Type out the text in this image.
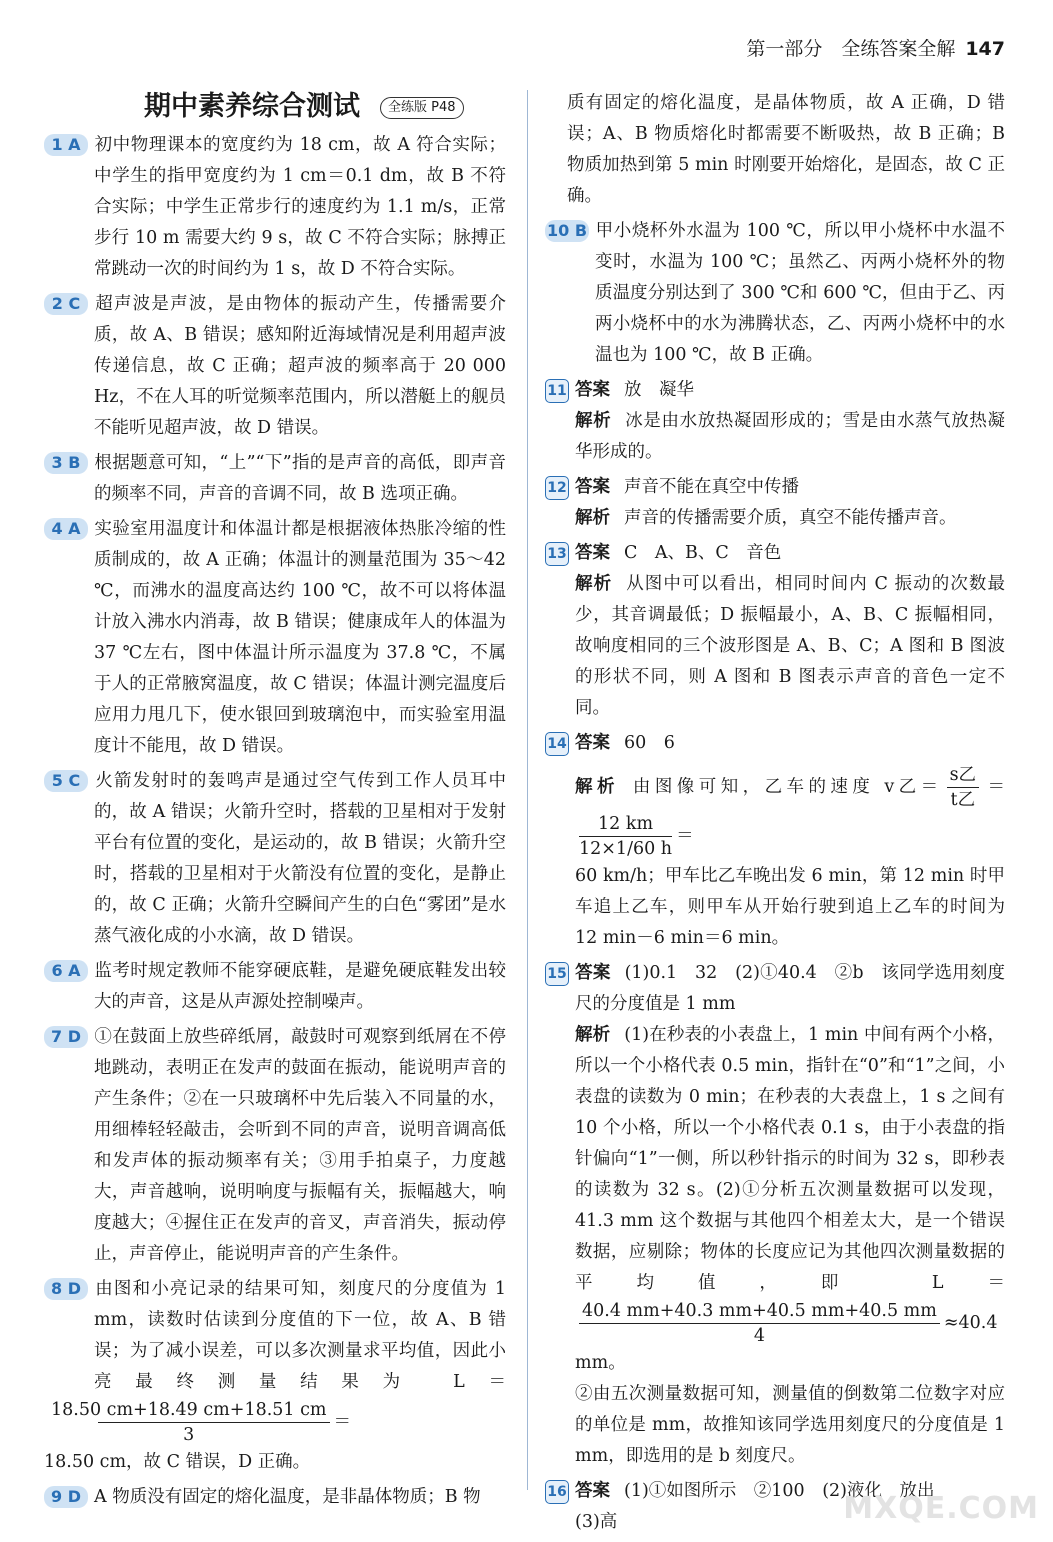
第一部分　全练答案全解 147
期中素养综合测试 全练版 P48
1 A 初中物理课本的宽度约为 18 cm，故 A 符合实际；中学生的指甲宽度约为 1 cm＝0.1 dm，故 B 不符合实际；中学生正常步行的速度约为 1.1 m/s，正常步行 10 m 需要大约 9 s，故 C 不符合实际；脉搏正常跳动一次的时间约为 1 s，故 D 不符合实际。
2 C 超声波是声波，是由物体的振动产生，传播需要介质，故 A、B 错误；感知附近海域情况是利用超声波传递信息，故 C 正确；超声波的频率高于 20 000 Hz，不在人耳的听觉频率范围内，所以潜艇上的舰员不能听见超声波，故 D 错误。
3 B 根据题意可知，“上”“下”指的是声音的高低，即声音的频率不同，声音的音调不同，故 B 选项正确。
4 A 实验室用温度计和体温计都是根据液体热胀冷缩的性质制成的，故 A 正确；体温计的测量范围为 35～42 ℃，而沸水的温度高达约 100 ℃，故不可以将体温计放入沸水内消毒，故 B 错误；健康成年人的体温为 37 ℃左右，图中体温计所示温度为 37.8 ℃，不属于人的正常腋窝温度，故 C 错误；体温计测完温度后应用力甩几下，使水银回到玻璃泡中，而实验室用温度计不能甩，故 D 错误。
5 C 火箭发射时的轰鸣声是通过空气传到工作人员耳中的，故 A 错误；火箭升空时，搭载的卫星相对于发射平台有位置的变化，是运动的，故 B 错误；火箭升空时，搭载的卫星相对于火箭没有位置的变化，是静止的，故 C 正确；火箭升空瞬间产生的白色“雾团”是水蒸气液化成的小水滴，故 D 错误。
6 A 监考时规定教师不能穿硬底鞋，是避免硬底鞋发出较大的声音，这是从声源处控制噪声。
7 D ①在鼓面上放些碎纸屑，敲鼓时可观察到纸屑在不停地跳动，表明正在发声的鼓面在振动，能说明声音的产生条件；②在一只玻璃杯中先后装入不同量的水，用细棒轻轻敲击，会听到不同的声音，说明音调高低和发声体的振动频率有关；③用手拍桌子，力度越大，声音越响，说明响度与振幅有关，振幅越大，响度越大；④握住正在发声的音叉，声音消失，振动停止，声音停止，能说明声音的产生条件。
8 D 由图和小亮记录的结果可知，刻度尺的分度值为 1 mm，读数时估读到分度值的下一位，故 A、B 错误；为了减小误差，可以多次测量求平均值，因此小亮最终测量结果为 L＝
$\frac{18.50 cm+18.49 cm+18.51 cm}{3}$ ＝
18.50 cm，故 C 错误，D 正确。
9 D A 物质没有固定的熔化温度，是非晶体物质；B 物
质有固定的熔化温度，是晶体物质，故 A 正确，D 错误；A、B 物质熔化时都需要不断吸热，故 B 正确；B 物质加热到第 5 min 时刚要开始熔化，是固态，故 C 正确。
10 B 甲小烧杯外水温为 100 ℃，所以甲小烧杯中水温不变时，水温为 100 ℃；虽然乙、丙两小烧杯外的物质温度分别达到了 300 ℃和 600 ℃，但由于乙、丙两小烧杯中的水为沸腾状态，乙、丙两小烧杯中的水温也为 100 ℃，故 B 正确。
11 答案 放　凝华
解析 冰是由水放热凝固形成的；雪是由水蒸气放热凝华形成的。
12 答案 声音不能在真空中传播
解析 声音的传播需要介质，真空不能传播声音。
13 答案 C　A、B、C　音色
解析 从图中可以看出，相同时间内 C 振动的次数最少，其音调最低；D 振幅最小，A、B、C 振幅相同，故响度相同的三个波形图是 A、B、C；A 图和 B 图波的形状不同，则 A 图和 B 图表示声音的音色一定不同。
14 答案 60　6
解析 由图像可知，乙车的速度 v乙＝ $\frac{\text{s乙}}{\text{t乙}}$ ＝
$\frac{12 km}{12\times 1/60 h}$ ＝
60 km/h；甲车比乙车晚出发 6 min，第 12 min 时甲车追上乙车，则甲车从开始行驶到追上乙车的时间为 12 min－6 min＝6 min。
15 答案 (1)0.1　32　(2)①40.4　②b　该同学选用刻度尺的分度值是 1 mm
解析 (1)在秒表的小表盘上，1 min 中间有两个小格，所以一个小格代表 0.5 min，指针在“0”和“1”之间，小表盘的读数为 0 min；在秒表的大表盘上，1 s 之间有 10 个小格，所以一个小格代表 0.1 s，由于小表盘的指针偏向“1”一侧，所以秒针指示的时间为 32 s，即秒表的读数为 32 s。(2)①分析五次测量数据可以发现，41.3 mm 这个数据与其他四个相差太大，是一个错误数据，应剔除；物体的长度应记为其他四次测量数据的平均值，即 L＝
$\frac{40.4 mm+40.3 mm+40.5 mm+40.5 mm}{4} \approx 40.4$ mm。
②由五次测量数据可知，测量值的倒数第二位数字对应的单位是 mm，故推知该同学选用刻度尺的分度值是 1 mm，即选用的是 b 刻度尺。
16 答案 (1)①如图所示　②100　(2)液化　放出
(3)高	MXQE.COM
